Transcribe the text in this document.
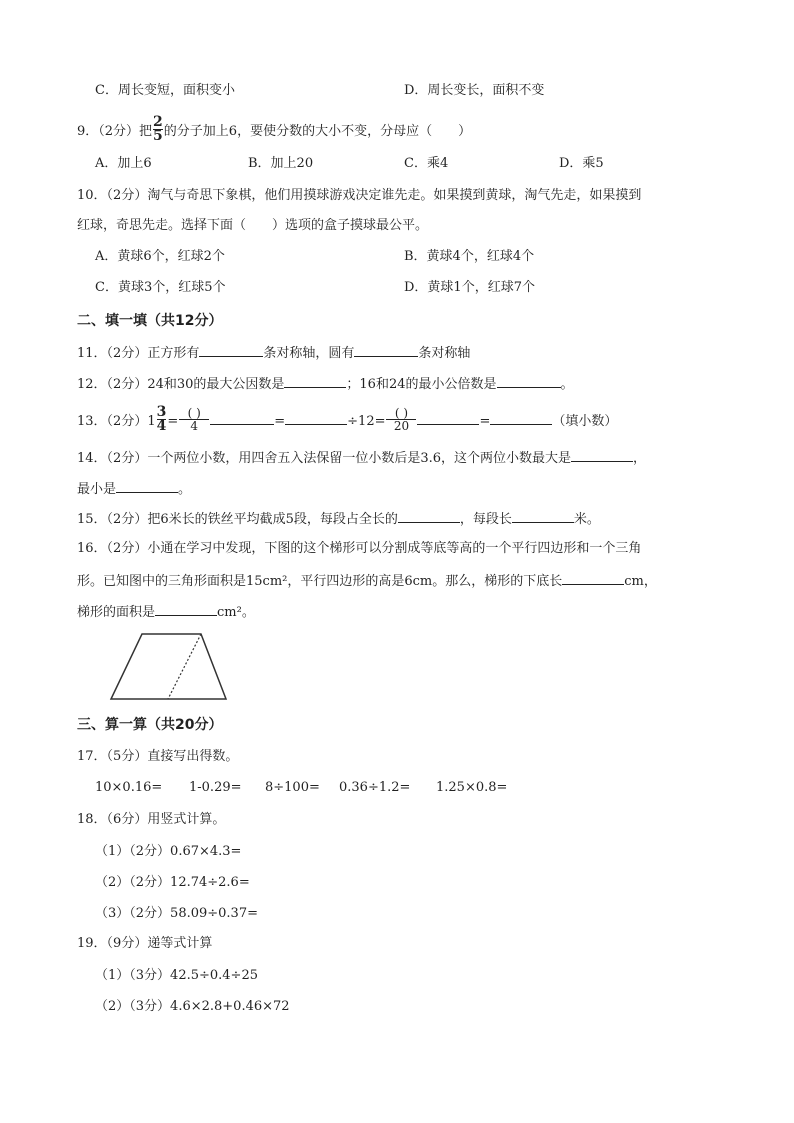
C．周长变短，面积变小	D．周长变长，面积不变
9．（2分）把 $\frac{2}{5}$ 的分子加上6，要使分数的大小不变，分母应（　　）
A．加上6	B．加上20	C．乘4	D．乘5
10．（2分）淘气与奇思下象棋，他们用摸球游戏决定谁先走。如果摸到黄球，淘气先走，如果摸到
红球，奇思先走。选择下面（　　）选项的盒子摸球最公平。
A．黄球6个，红球2个	B．黄球4个，红球4个
C．黄球3个，红球5个	D．黄球1个，红球7个
二、填一填（共12分）
11．（2分）正方形有	条对称轴，圆有	条对称轴
12．（2分）24和30的最大公因数是	；16和24的最小公倍数是	。
13．（2分）$1 \frac{3}{4} = \frac{( )}{4}$	=	$\div 12= \frac{( )}{20}$	=	（填小数）
14．（2分）一个两位小数，用四舍五入法保留一位小数后是3.6，这个两位小数最大是	，
最小是	。
15．（2分）把6米长的铁丝平均截成5段，每段占全长的	，每段长	米。
16．（2分）小通在学习中发现，下图的这个梯形可以分割成等底等高的一个平行四边形和一个三角
形。已知图中的三角形面积是15cm²，平行四边形的高是6cm。那么，梯形的下底长	cm，
梯形的面积是	cm²。
三、算一算（共20分）
17．（5分）直接写出得数。
10×0.16= 1-0.29= 8÷100= 0.36÷1.2= 1.25×0.8=
18．（6分）用竖式计算。
（1）（2分）0.67×4.3=
（2）（2分）12.74÷2.6=
（3）（2分）58.09÷0.37=
19．（9分）递等式计算
（1）（3分）42.5÷0.4÷25
（2）（3分）4.6×2.8+0.46×72
